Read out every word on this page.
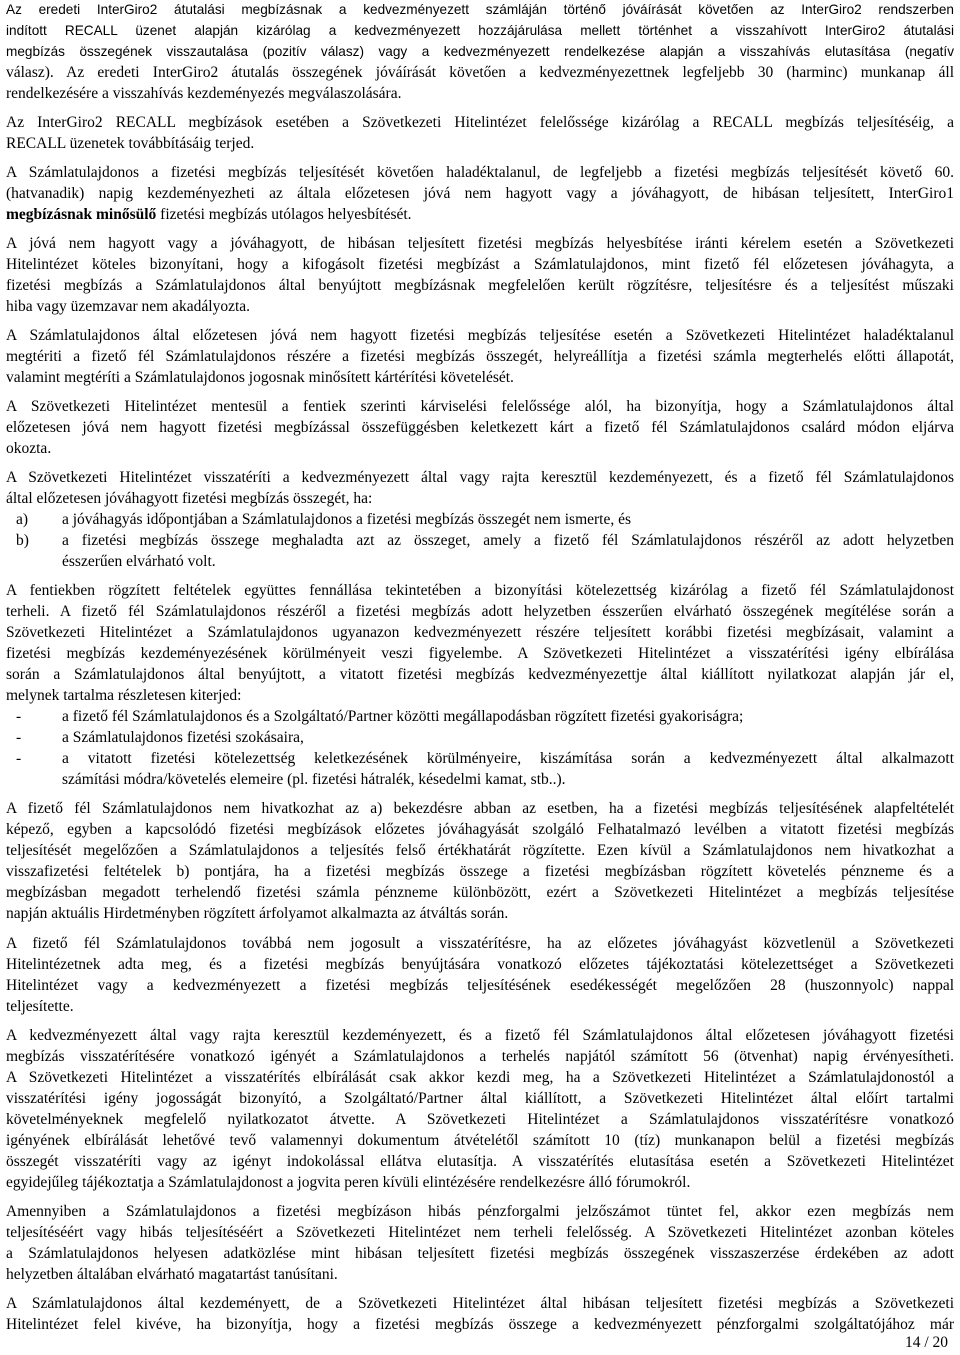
Az eredeti InterGiro2 átutalási megbízásnak a kedvezményezett számláján történő jóváírását követően az InterGiro2 rendszerben
indított RECALL üzenet alapján kizárólag a kedvezményezett hozzájárulása mellett történhet a visszahívott InterGiro2 átutalási
megbízás összegének visszautalása (pozitív válasz) vagy a kedvezményezett rendelkezése alapján a visszahívás elutasítása (negatív
válasz). Az eredeti InterGiro2 átutalás összegének jóváírását követően a kedvezményezettnek legfeljebb 30 (harminc) munkanap áll
rendelkezésére a visszahívás kezdeményezés megválaszolására.
Az InterGiro2 RECALL megbízások esetében a Szövetkezeti Hitelintézet felelőssége kizárólag a RECALL megbízás teljesítéséig, a
RECALL üzenetek továbbításáig terjed.
A Számlatulajdonos a fizetési megbízás teljesítését követően haladéktalanul, de legfeljebb a fizetési megbízás teljesítését követő 60.
(hatvanadik) napig kezdeményezheti az általa előzetesen jóvá nem hagyott vagy a jóváhagyott, de hibásan teljesített, InterGiro1
megbízásnak minősülő fizetési megbízás utólagos helyesbítését.
A jóvá nem hagyott vagy a jóváhagyott, de hibásan teljesített fizetési megbízás helyesbítése iránti kérelem esetén a Szövetkezeti
Hitelintézet köteles bizonyítani, hogy a kifogásolt fizetési megbízást a Számlatulajdonos, mint fizető fél előzetesen jóváhagyta, a
fizetési megbízás a Számlatulajdonos által benyújtott megbízásnak megfelelően került rögzítésre, teljesítésre és a teljesítést műszaki
hiba vagy üzemzavar nem akadályozta.
A Számlatulajdonos által előzetesen jóvá nem hagyott fizetési megbízás teljesítése esetén a Szövetkezeti Hitelintézet haladéktalanul
megtériti a fizető fél Számlatulajdonos részére a fizetési megbízás összegét, helyreállítja a fizetési számla megterhelés előtti állapotát,
valamint megtéríti a Számlatulajdonos jogosnak minősített kártérítési követelését.
A Szövetkezeti Hitelintézet mentesül a fentiek szerinti kárviselési felelőssége alól, ha bizonyítja, hogy a Számlatulajdonos által
előzetesen jóvá nem hagyott fizetési megbízással összefüggésben keletkezett kárt a fizető fél Számlatulajdonos csalárd módon eljárva
okozta.
A Szövetkezeti Hitelintézet visszatéríti a kedvezményezett által vagy rajta keresztül kezdeményezett, és a fizető fél Számlatulajdonos
által előzetesen jóváhagyott fizetési megbízás összegét, ha:
a) a jóváhagyás időpontjában a Számlatulajdonos a fizetési megbízás összegét nem ismerte, és
b) a fizetési megbízás összege meghaladta azt az összeget, amely a fizető fél Számlatulajdonos részéről az adott helyzetben
ésszerűen elvárható volt.
A fentiekben rögzített feltételek együttes fennállása tekintetében a bizonyítási kötelezettség kizárólag a fizető fél Számlatulajdonost
terheli. A fizető fél Számlatulajdonos részéről a fizetési megbízás adott helyzetben ésszerűen elvárható összegének megítélése során a
Szövetkezeti Hitelintézet a Számlatulajdonos ugyanazon kedvezményezett részére teljesített korábbi fizetési megbízásait, valamint a
fizetési megbízás kezdeményezésének körülményeit veszi figyelembe. A Szövetkezeti Hitelintézet a visszatérítési igény elbírálása
során a Számlatulajdonos által benyújtott, a vitatott fizetési megbízás kedvezményezettje által kiállított nyilatkozat alapján jár el,
melynek tartalma részletesen kiterjed:
-	a fizető fél Számlatulajdonos és a Szolgáltató/Partner közötti megállapodásban rögzített fizetési gyakoriságra;
-	a Számlatulajdonos fizetési szokásaira,
-	a vitatott fizetési kötelezettség keletkezésének körülményeire, kiszámítása során a kedvezményezett által alkalmazott
számítási módra/követelés elemeire (pl. fizetési hátralék, késedelmi kamat, stb..).
A fizető fél Számlatulajdonos nem hivatkozhat az a) bekezdésre abban az esetben, ha a fizetési megbízás teljesítésének alapfeltételét
képező, egyben a kapcsolódó fizetési megbízások előzetes jóváhagyását szolgáló Felhatalmazó levélben a vitatott fizetési megbízás
teljesítését megelőzően a Számlatulajdonos a teljesítés felső értékhatárát rögzítette. Ezen kívül a Számlatulajdonos nem hivatkozhat a
visszafizetési feltételek b) pontjára, ha a fizetési megbízás összege a fizetési megbízásban rögzített követelés pénzneme és a
megbízásban megadott terhelendő fizetési számla pénzneme különbözött, ezért a Szövetkezeti Hitelintézet a megbízás teljesítése
napján aktuális Hirdetményben rögzített árfolyamot alkalmazta az átváltás során.
A fizető fél Számlatulajdonos továbbá nem jogosult a visszatérítésre, ha az előzetes jóváhagyást közvetlenül a Szövetkezeti
Hitelintézetnek adta meg, és a fizetési megbízás benyújtására vonatkozó előzetes tájékoztatási kötelezettséget a Szövetkezeti
Hitelintézet vagy a kedvezményezett a fizetési megbízás teljesítésének esedékességét megelőzően 28 (huszonnyolc) nappal
teljesítette.
A kedvezményezett által vagy rajta keresztül kezdeményezett, és a fizető fél Számlatulajdonos által előzetesen jóváhagyott fizetési
megbízás visszatérítésére vonatkozó igényét a Számlatulajdonos a terhelés napjától számított 56 (ötvenhat) napig érvényesítheti.
A Szövetkezeti Hitelintézet a visszatérítés elbírálását csak akkor kezdi meg, ha a Szövetkezeti Hitelintézet a Számlatulajdonostól a
visszatérítési igény jogosságát bizonyító, a Szolgáltató/Partner által kiállított, a Szövetkezeti Hitelintézet által előírt tartalmi
követelményeknek megfelelő nyilatkozatot átvette. A Szövetkezeti Hitelintézet a Számlatulajdonos visszatérítésre vonatkozó
igényének elbírálását lehetővé tevő valamennyi dokumentum átvételétől számított 10 (tíz) munkanapon belül a fizetési megbízás
összegét visszatéríti vagy az igényt indokolással ellátva elutasítja. A visszatérítés elutasítása esetén a Szövetkezeti Hitelintézet
egyidejűleg tájékoztatja a Számlatulajdonost a jogvita peren kívüli elintézésére rendelkezésre álló fórumokról.
Amennyiben a Számlatulajdonos a fizetési megbízáson hibás pénzforgalmi jelzőszámot tüntet fel, akkor ezen megbízás nem
teljesítéséért vagy hibás teljesítéséért a Szövetkezeti Hitelintézet nem terheli felelősség. A Szövetkezeti Hitelintézet azonban köteles
a Számlatulajdonos helyesen adatközlése mint hibásan teljesített fizetési megbízás összegének visszaszerzése érdekében az adott
helyzetben általában elvárható magatartást tanúsítani.
A Számlatulajdonos által kezdeményett, de a Szövetkezeti Hitelintézet által hibásan teljesített fizetési megbízás a Szövetkezeti
Hitelintézet felel kivéve, ha bizonyítja, hogy a fizetési megbízás összege a kedvezményezett pénzforgalmi szolgáltatójához már
14 / 20
